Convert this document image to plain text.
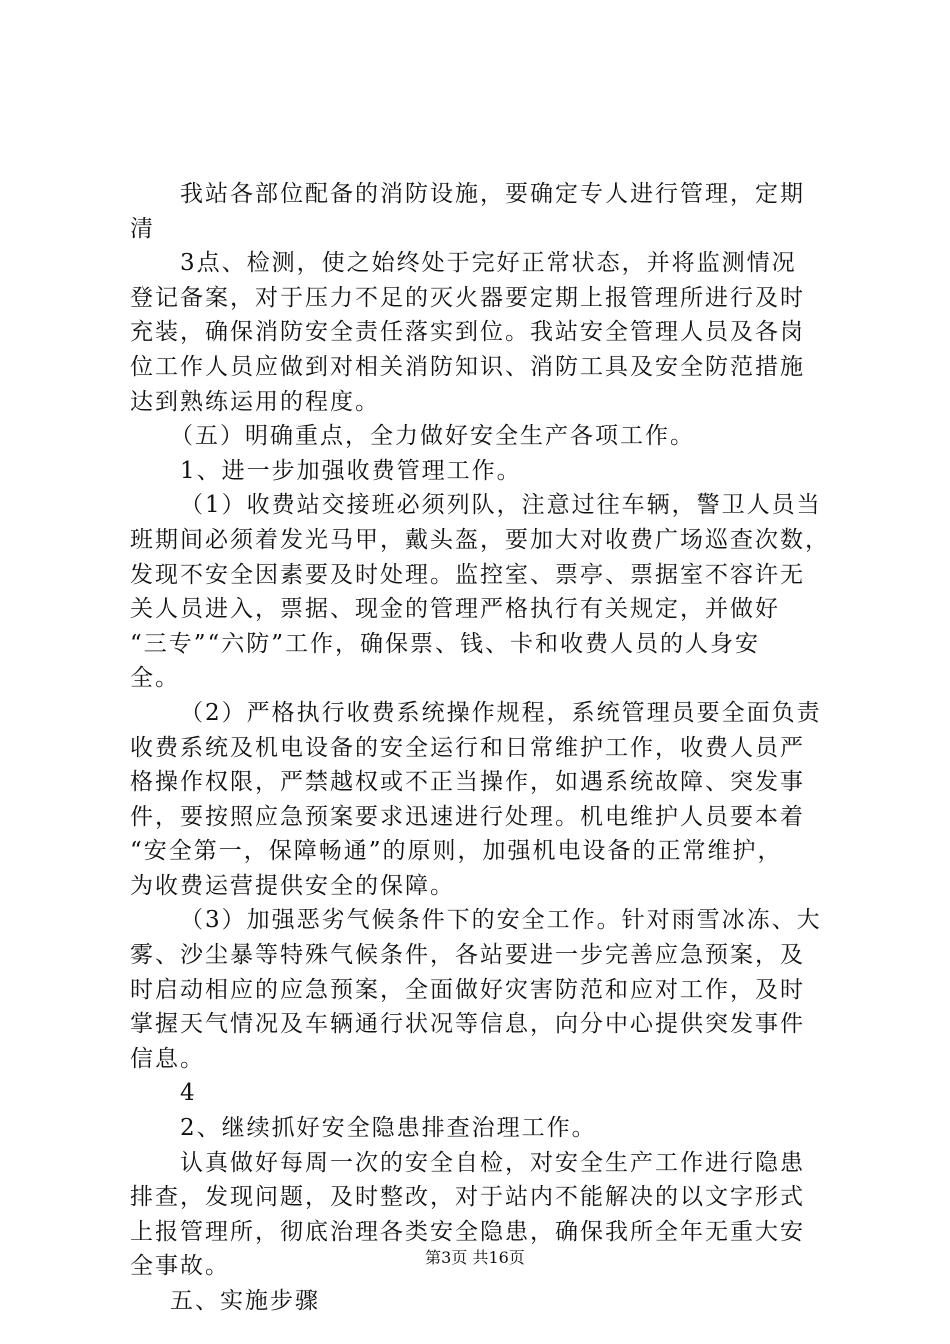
我站各部位配备的消防设施，要确定专人进行管理，定期
清
3点、检测，使之始终处于完好正常状态，并将监测情况
登记备案，对于压力不足的灭火器要定期上报管理所进行及时
充装，确保消防安全责任落实到位。我站安全管理人员及各岗
位工作人员应做到对相关消防知识、消防工具及安全防范措施
达到熟练运用的程度。
（五）明确重点，全力做好安全生产各项工作。
1、进一步加强收费管理工作。
（1）收费站交接班必须列队，注意过往车辆，警卫人员当
班期间必须着发光马甲，戴头盔，要加大对收费广场巡查次数，
发现不安全因素要及时处理。监控室、票亭、票据室不容许无
关人员进入，票据、现金的管理严格执行有关规定，并做好
“三专”“六防”工作，确保票、钱、卡和收费人员的人身安
全。
（2）严格执行收费系统操作规程，系统管理员要全面负责
收费系统及机电设备的安全运行和日常维护工作，收费人员严
格操作权限，严禁越权或不正当操作，如遇系统故障、突发事
件，要按照应急预案要求迅速进行处理。机电维护人员要本着
“安全第一，保障畅通”的原则，加强机电设备的正常维护，
为收费运营提供安全的保障。
（3）加强恶劣气候条件下的安全工作。针对雨雪冰冻、大
雾、沙尘暴等特殊气候条件，各站要进一步完善应急预案，及
时启动相应的应急预案，全面做好灾害防范和应对工作，及时
掌握天气情况及车辆通行状况等信息，向分中心提供突发事件
信息。
4
2、继续抓好安全隐患排查治理工作。
认真做好每周一次的安全自检，对安全生产工作进行隐患
排查，发现问题，及时整改，对于站内不能解决的以文字形式
上报管理所，彻底治理各类安全隐患，确保我所全年无重大安
全事故。
五、实施步骤
第3页 共16页
